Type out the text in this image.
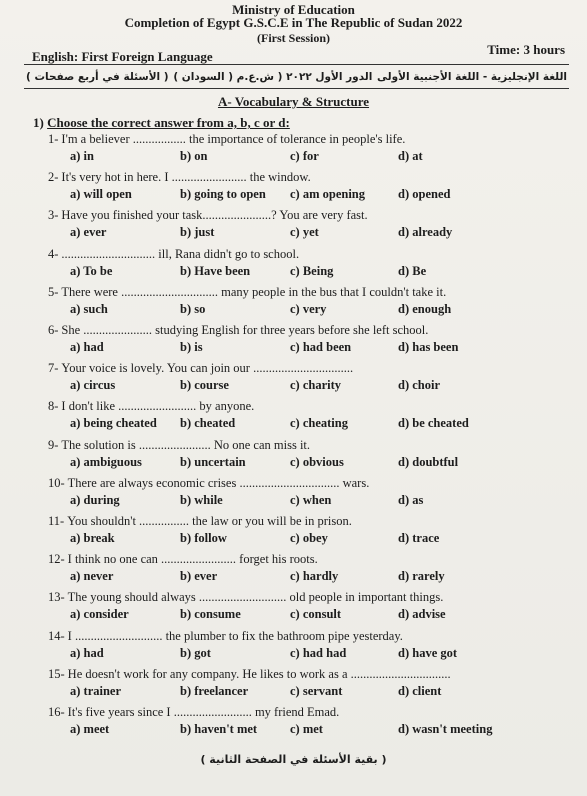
Ministry of Education
Completion of Egypt G.S.C.E in The Republic of Sudan 2022
(First Session)
English: First Foreign Language	Time: 3 hours
اللغة الإنجليزية - اللغة الأجنبية الأولى
الدور الأول ٢٠٢٢ ( ش.ع.م ( السودان )
( الأسئلة في أربع صفحات )
A- Vocabulary & Structure
1) Choose the correct answer from a, b, c or d:
1- I'm a believer ................. the importance of tolerance in people's life.
a) in	b) on	c) for	d) at
2- It's very hot in here. I ........................ the window.
a) will open	b) going to open c) am opening	d) opened
3- Have you finished your task......................? You are very fast.
a) ever	b) just	c) yet	d) already
4- .............................. ill, Rana didn't go to school.
a) To be	b) Have been	c) Being	d) Be
5- There were ............................... many people in the bus that I couldn't take it.
a) such	b) so	c) very	d) enough
6- She ...................... studying English for three years before she left school.
a) had	b) is	c) had been	d) has been
7- Your voice is lovely. You can join our ................................
a) circus	b) course	c) charity	d) choir
8- I don't like ......................... by anyone.
a) being cheated b) cheated	c) cheating	d) be cheated
9- The solution is ....................... No one can miss it.
a) ambiguous	b) uncertain	c) obvious	d) doubtful
10- There are always economic crises ................................ wars.
a) during	b) while	c) when	d) as
11- You shouldn't ................ the law or you will be in prison.
a) break	b) follow	c) obey	d) trace
12- I think no one can ........................ forget his roots.
a) never	b) ever	c) hardly	d) rarely
13- The young should always ............................ old people in important things.
a) consider	b) consume	c) consult	d) advise
14- I ............................ the plumber to fix the bathroom pipe yesterday.
a) had	b) got	c) had had	d) have got
15- He doesn't work for any company. He likes to work as a ................................
a) trainer	b) freelancer	c) servant	d) client
16- It's five years since I ......................... my friend Emad.
a) meet	b) haven't met	c) met	d) wasn't meeting
( بقية الأسئلة في الصفحة الثانية )
